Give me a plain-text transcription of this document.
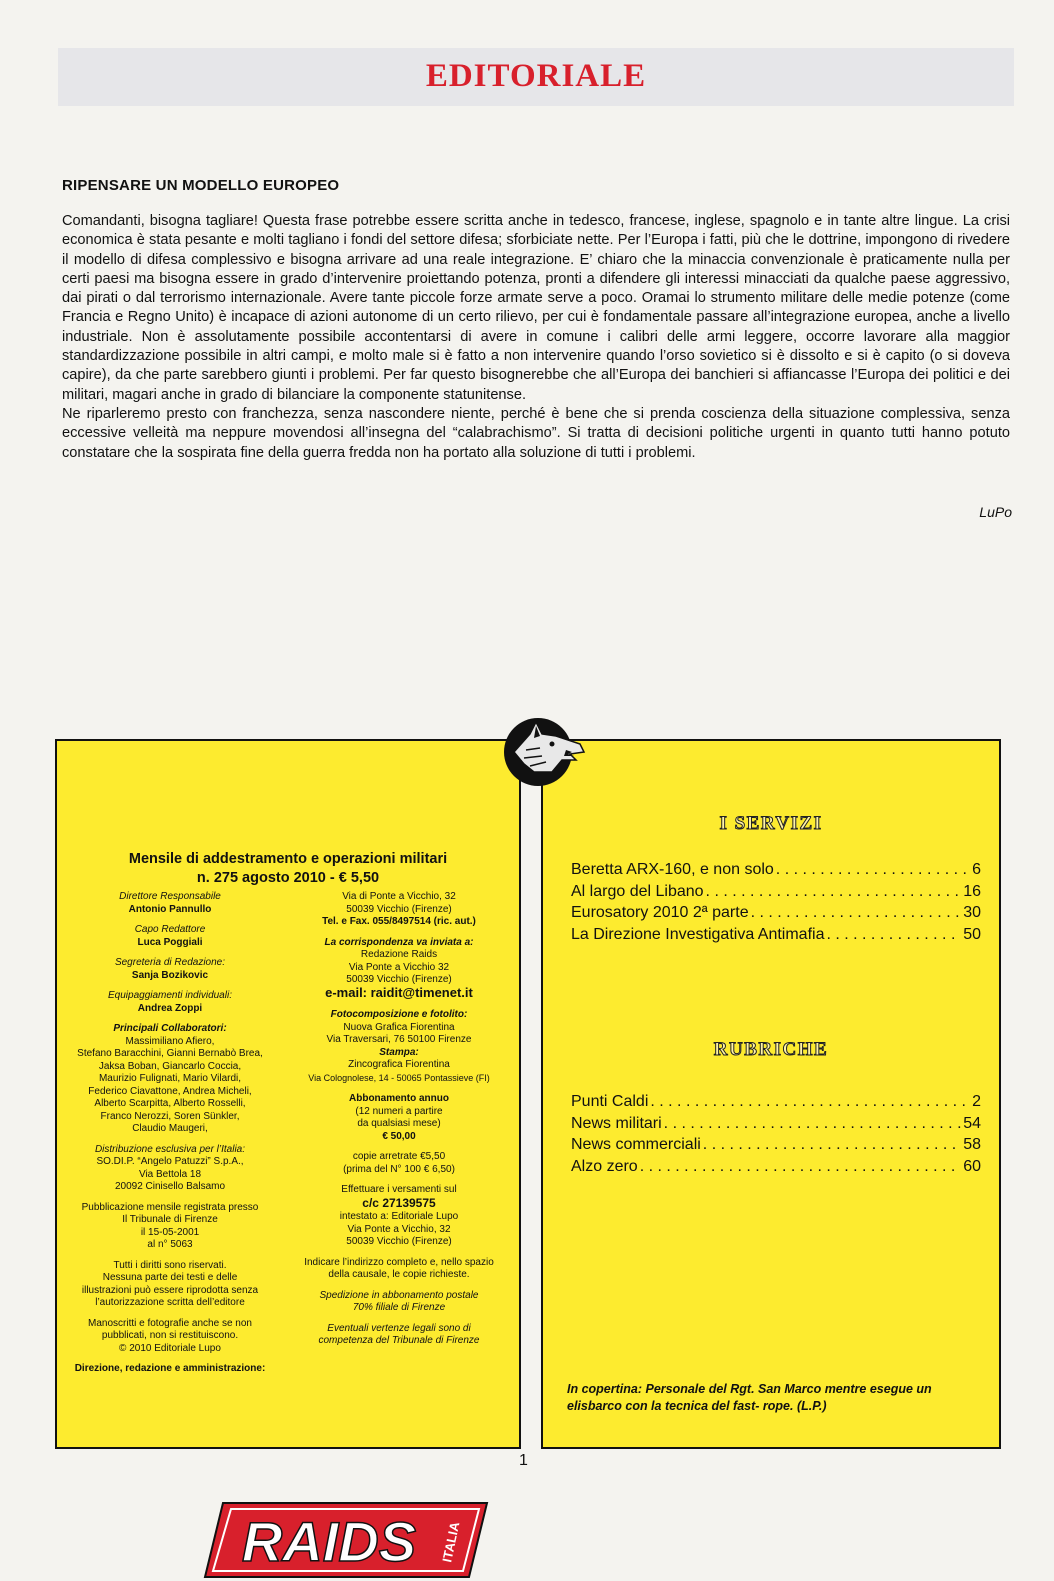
EDITORIALE
RIPENSARE UN MODELLO EUROPEO

Comandanti, bisogna tagliare! Questa frase potrebbe essere scritta anche in tedesco, francese, inglese, spagnolo e in tante altre lingue. La crisi economica è stata pesante e molti tagliano i fondi del settore difesa; sforbiciate nette. Per l’Europa i fatti, più che le dottrine, impongono di rivedere il modello di difesa complessivo e bisogna arrivare ad una reale integrazione. E’ chiaro che la minaccia convenzionale è praticamente nulla per certi paesi ma bisogna essere in grado d’intervenire proiettando potenza, pronti a difendere gli interessi minacciati da qualche paese aggressivo, dai pirati o dal terrorismo internazionale. Avere tante piccole forze armate serve a poco. Oramai lo strumento militare delle medie potenze (come Francia e Regno Unito) è incapace di azioni autonome di un certo rilievo, per cui è fondamentale passare all’integrazione europea, anche a livello industriale. Non è assolutamente possibile accontentarsi di avere in comune i calibri delle armi leggere, occorre lavorare alla maggior standardizzazione possibile in altri campi, e molto male si è fatto a non intervenire quando l’orso sovietico si è dissolto e si è capito (o si doveva capire), da che parte sarebbero giunti i problemi. Per far questo bisognerebbe che all’Europa dei banchieri si affiancasse l’Europa dei politici e dei militari, magari anche in grado di bilanciare la componente statunitense.

Ne riparleremo presto con franchezza, senza nascondere niente, perché è bene che si prenda coscienza della situazione complessiva, senza eccessive velleità ma neppure movendosi all’insegna del “calabrachismo”. Si tratta di decisioni politiche urgenti in quanto tutti hanno potuto constatare che la sospirata fine della guerra fredda non ha portato alla soluzione di tutti i problemi.

LuPo
RAIDS ITALIA
Mensile di addestramento e operazioni militari
n. 275 agosto 2010 - € 5,50

Direttore Responsabile
Antonio Pannullo

Capo Redattore
Luca Poggiali

Segreteria di Redazione:
Sanja Bozikovic

Equipaggiamenti individuali:
Andrea Zoppi

Principali Collaboratori:
Massimiliano Afiero,
Stefano Baracchini, Gianni Bernabò Brea,
Jaksa Boban, Giancarlo Coccia,
Maurizio Fulignati, Mario Vilardi,
Federico Ciavattone, Andrea Micheli,
Alberto Scarpitta, Alberto Rosselli,
Franco Nerozzi, Soren Sünkler,
Claudio Maugeri,

Distribuzione esclusiva per l’Italia:
SO.DI.P. “Angelo Patuzzi” S.p.A.,
Via Bettola 18
20092 Cinisello Balsamo

Pubblicazione mensile registrata presso
Il Tribunale di Firenze
il 15-05-2001
al n° 5063

Tutti i diritti sono riservati.
Nessuna parte dei testi e delle
illustrazioni può essere riprodotta senza
l’autorizzazione scritta dell’editore

Manoscritti e fotografie anche se non
pubblicati, non si restituiscono.
© 2010 Editoriale Lupo

Direzione, redazione e amministrazione:

Via di Ponte a Vicchio, 32
50039 Vicchio (Firenze)
Tel. e Fax. 055/8497514 (ric. aut.)

La corrispondenza va inviata a:
Redazione Raids
Via Ponte a Vicchio 32
50039 Vicchio (Firenze)
e-mail: raidit@timenet.it

Fotocomposizione e fotolito:
Nuova Grafica Fiorentina
Via Traversari, 76 50100 Firenze
Stampa:
Zincografica Fiorentina
Via Colognolese, 14 - 50065 Pontassieve (FI)

Abbonamento annuo
(12 numeri a partire
da qualsiasi mese)
€ 50,00

copie arretrate €5,50
(prima del N° 100 € 6,50)

Effettuare i versamenti sul
c/c 27139575
intestato a: Editoriale Lupo
Via Ponte a Vicchio, 32
50039 Vicchio (Firenze)

Indicare l’indirizzo completo e, nello spazio
della causale, le copie richieste.

Spedizione in abbonamento postale
70% filiale di Firenze

Eventuali vertenze legali sono di
competenza del Tribunale di Firenze

I SERVIZI
Beretta ARX-160, e non solo . . .	6
Al largo del Libano . . .	16
Eurosatory 2010 2ª parte . . .	30
La Direzione Investigativa Antimafia . . .	50
RUBRICHE
Punti Caldi . . .	2
News militari . . .	54
News commerciali . . .	58
Alzo zero . . .	60
In copertina: Personale del Rgt. San Marco mentre esegue un elisbarco con la tecnica del fast- rope. (L.P.)
1
